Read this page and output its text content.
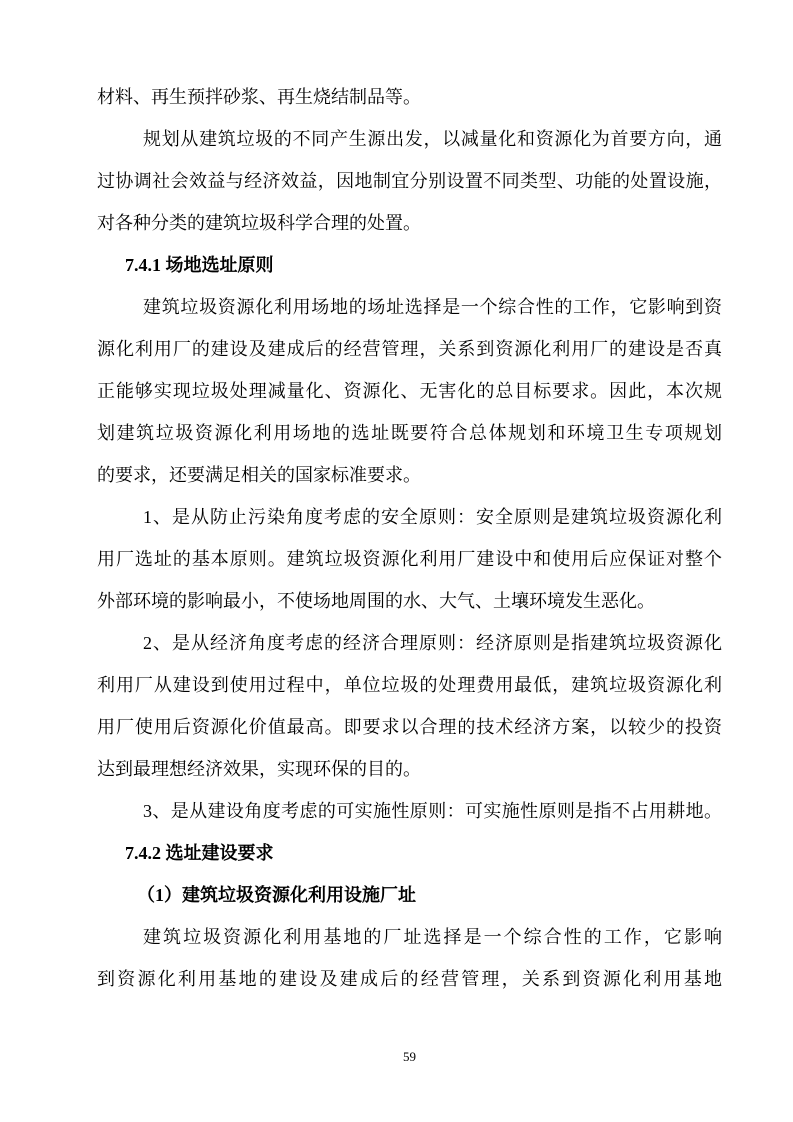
材料、再生预拌砂浆、再生烧结制品等。
规划从建筑垃圾的不同产生源出发，以减量化和资源化为首要方向，通
过协调社会效益与经济效益，因地制宜分别设置不同类型、功能的处置设施，
对各种分类的建筑垃圾科学合理的处置。
7.4.1 场地选址原则
建筑垃圾资源化利用场地的场址选择是一个综合性的工作，它影响到资
源化利用厂的建设及建成后的经营管理，关系到资源化利用厂的建设是否真
正能够实现垃圾处理减量化、资源化、无害化的总目标要求。因此，本次规
划建筑垃圾资源化利用场地的选址既要符合总体规划和环境卫生专项规划
的要求，还要满足相关的国家标准要求。
1、是从防止污染角度考虑的安全原则：安全原则是建筑垃圾资源化利
用厂选址的基本原则。建筑垃圾资源化利用厂建设中和使用后应保证对整个
外部环境的影响最小，不使场地周围的水、大气、土壤环境发生恶化。
2、是从经济角度考虑的经济合理原则：经济原则是指建筑垃圾资源化
利用厂从建设到使用过程中，单位垃圾的处理费用最低，建筑垃圾资源化利
用厂使用后资源化价值最高。即要求以合理的技术经济方案，以较少的投资
达到最理想经济效果，实现环保的目的。
3、是从建设角度考虑的可实施性原则：可实施性原则是指不占用耕地。
7.4.2 选址建设要求
（1）建筑垃圾资源化利用设施厂址
建筑垃圾资源化利用基地的厂址选择是一个综合性的工作，它影响
到资源化利用基地的建设及建成后的经营管理，关系到资源化利用基地
59
